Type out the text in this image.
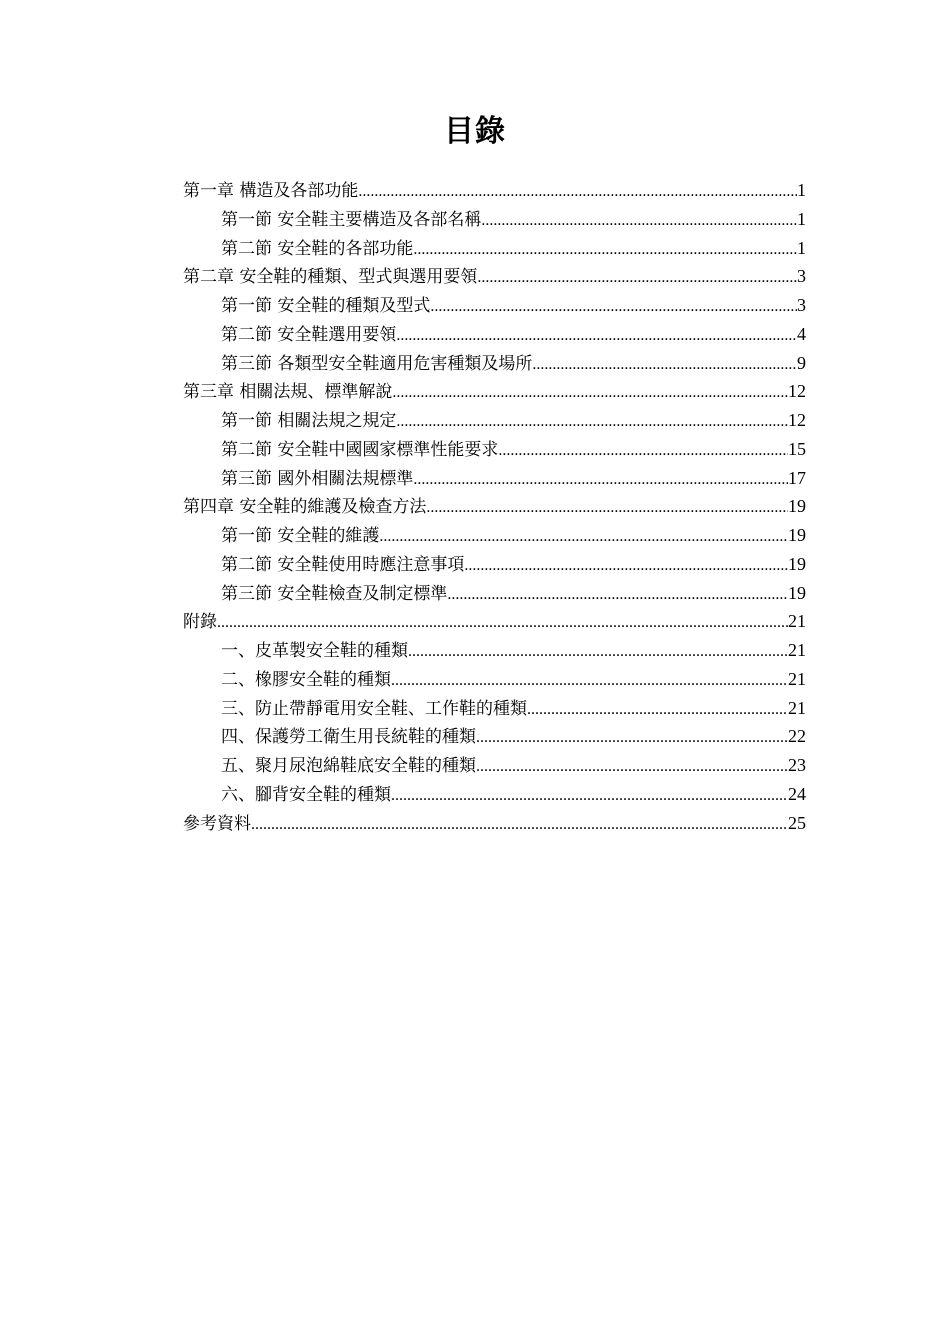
目錄
第一章 構造及各部功能 .....	1
第一節 安全鞋主要構造及各部名稱 .....	1
第二節 安全鞋的各部功能 .....	1
第二章 安全鞋的種類、型式與選用要領 .....	3
第一節 安全鞋的種類及型式 .....	3
第二節 安全鞋選用要領 .....	4
第三節 各類型安全鞋適用危害種類及場所 .....	9
第三章 相關法規、標準解說 .....	12
第一節 相關法規之規定 .....	12
第二節 安全鞋中國國家標準性能要求 .....	15
第三節 國外相關法規標準 .....	17
第四章 安全鞋的維護及檢查方法 .....	19
第一節 安全鞋的維護 .....	19
第二節 安全鞋使用時應注意事項 .....	19
第三節 安全鞋檢查及制定標準 .....	19
附錄 .....	21
一、皮革製安全鞋的種類 .....	21
二、橡膠安全鞋的種類 .....	21
三、防止帶靜電用安全鞋、工作鞋的種類 .....	21
四、保護勞工衛生用長統鞋的種類 .....	22
五、聚月尿泡綿鞋底安全鞋的種類 .....	23
六、腳背安全鞋的種類 .....	24
參考資料 .....	25
